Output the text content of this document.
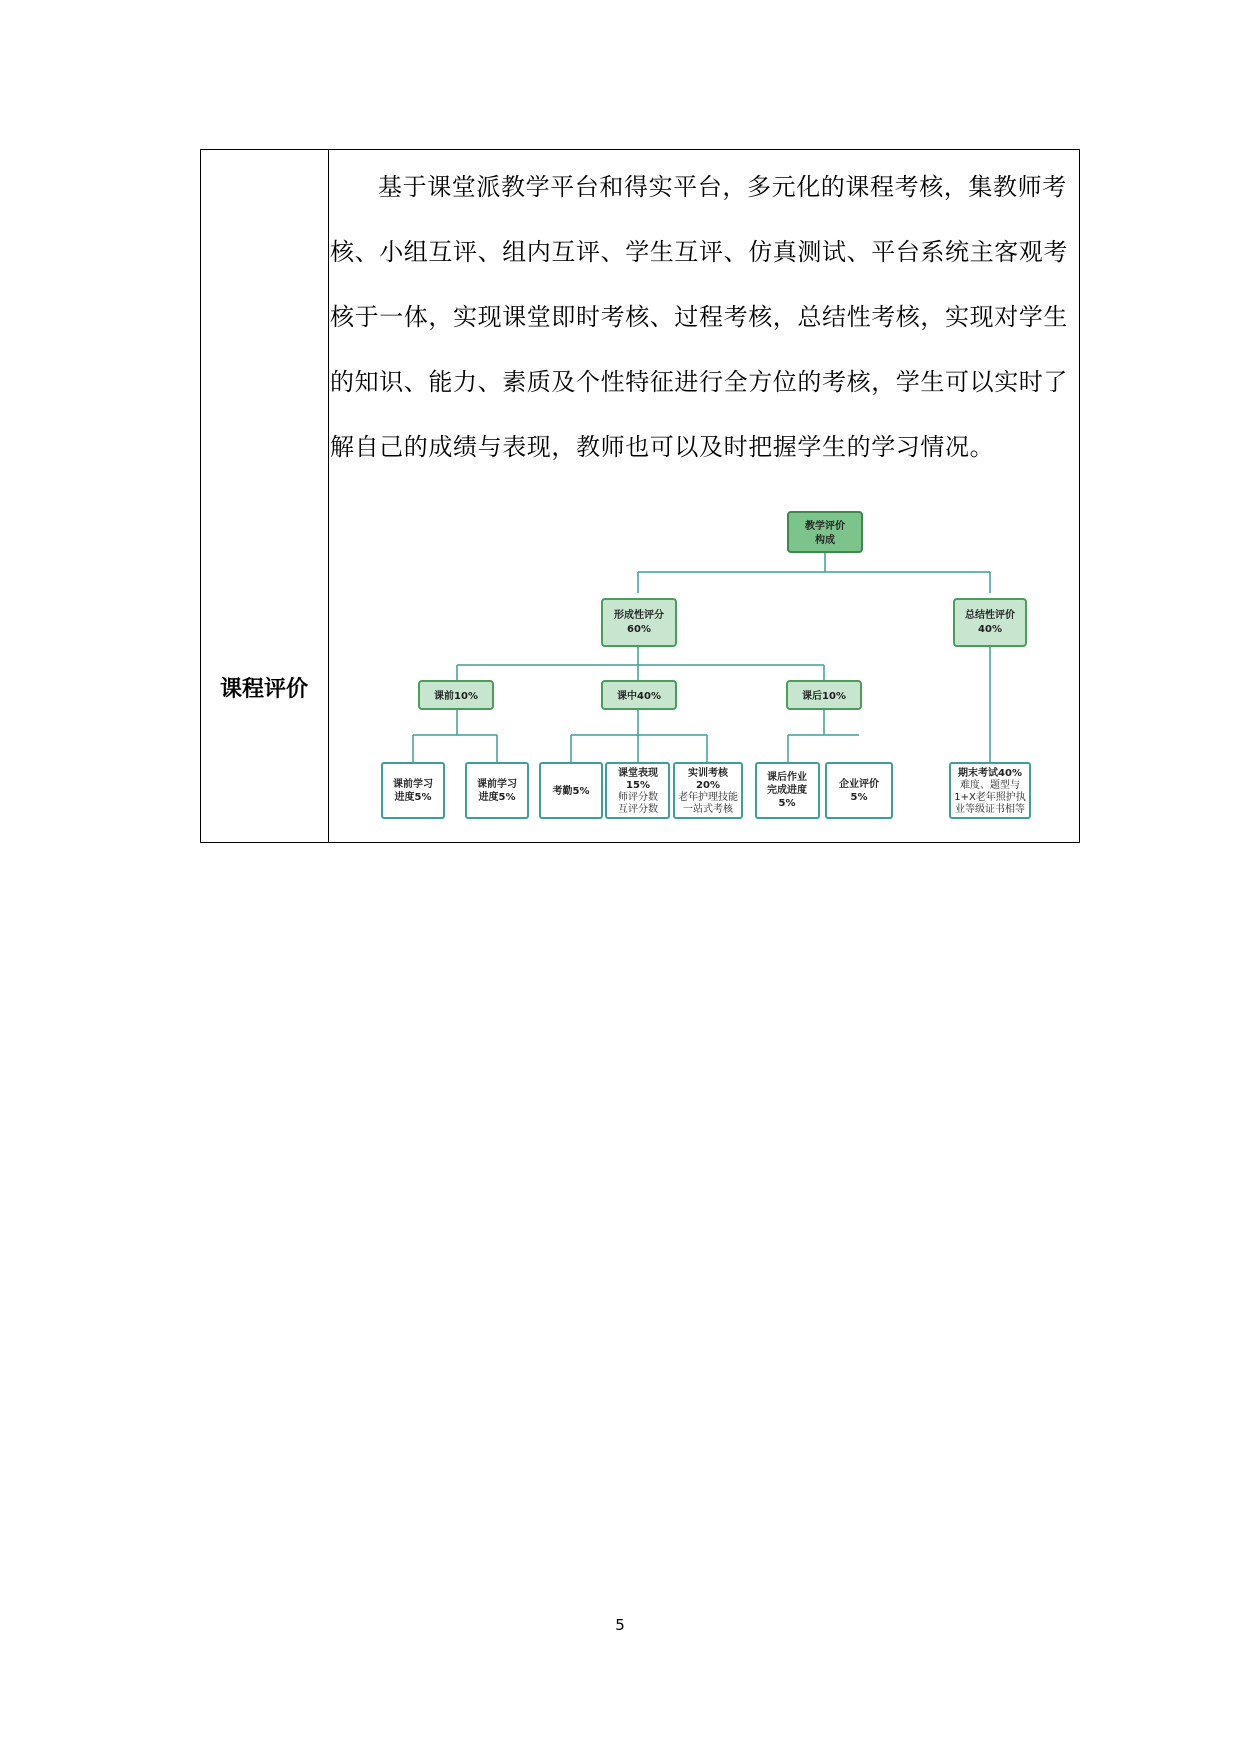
课程评价

基于课堂派教学平台和得实平台，多元化的课程考核，集教师考核、小组互评、组内互评、学生互评、仿真测试、平台系统主客观考核于一体，实现课堂即时考核、过程考核，总结性考核，实现对学生的知识、能力、素质及个性特征进行全方位的考核，学生可以实时了解自己的成绩与表现，教师也可以及时把握学生的学习情况。

教学评价
构成
形成性评分
60%
总结性评价
40%
课前10%	课中40%	课后10%
课前学习
进度5%
课前学习
进度5%
考勤5%
课堂表现
15%
师评分数
互评分数
实训考核
20%
老年护理技能
一站式考核
课后作业
完成进度
5%
企业评价
5%
期末考试40%
难度、题型与
1+X老年照护执
业等级证书相等
5
